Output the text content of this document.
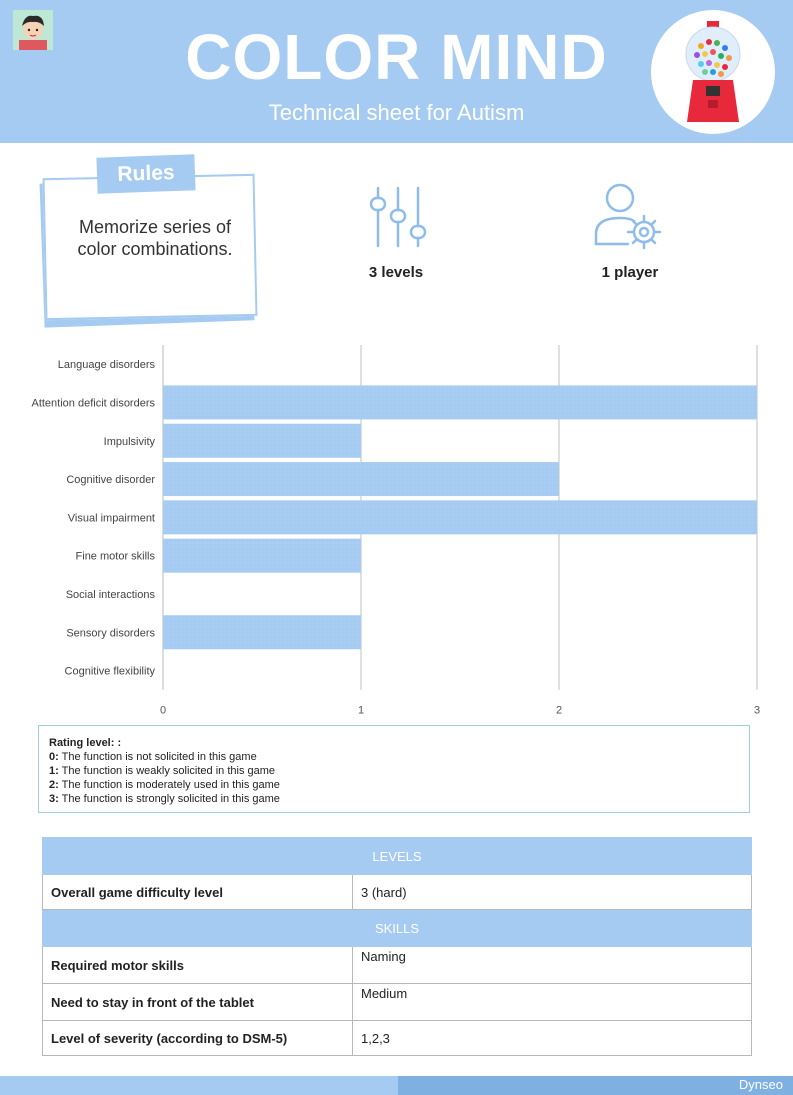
COLOR MIND
Technical sheet for Autism
Memorize series of color combinations.
Rules
3 levels	1 player
Language disorders
Attention deficit disorders
Impulsivity
Cognitive disorder
Visual impairment
Fine motor skills
Social interactions
Sensory disorders
Cognitive flexibility
0	1	2	3
Rating level: :
0: The function is not solicited in this game
1: The function is weakly solicited in this game
2: The function is moderately used in this game
3: The function is strongly solicited in this game
LEVELS	
Overall game difficulty level	3 (hard)
SKILLS	
Required motor skills	Naming
Need to stay in front of the tablet	Medium
Level of severity (according to DSM-5)	1,2,3
Dynseo
